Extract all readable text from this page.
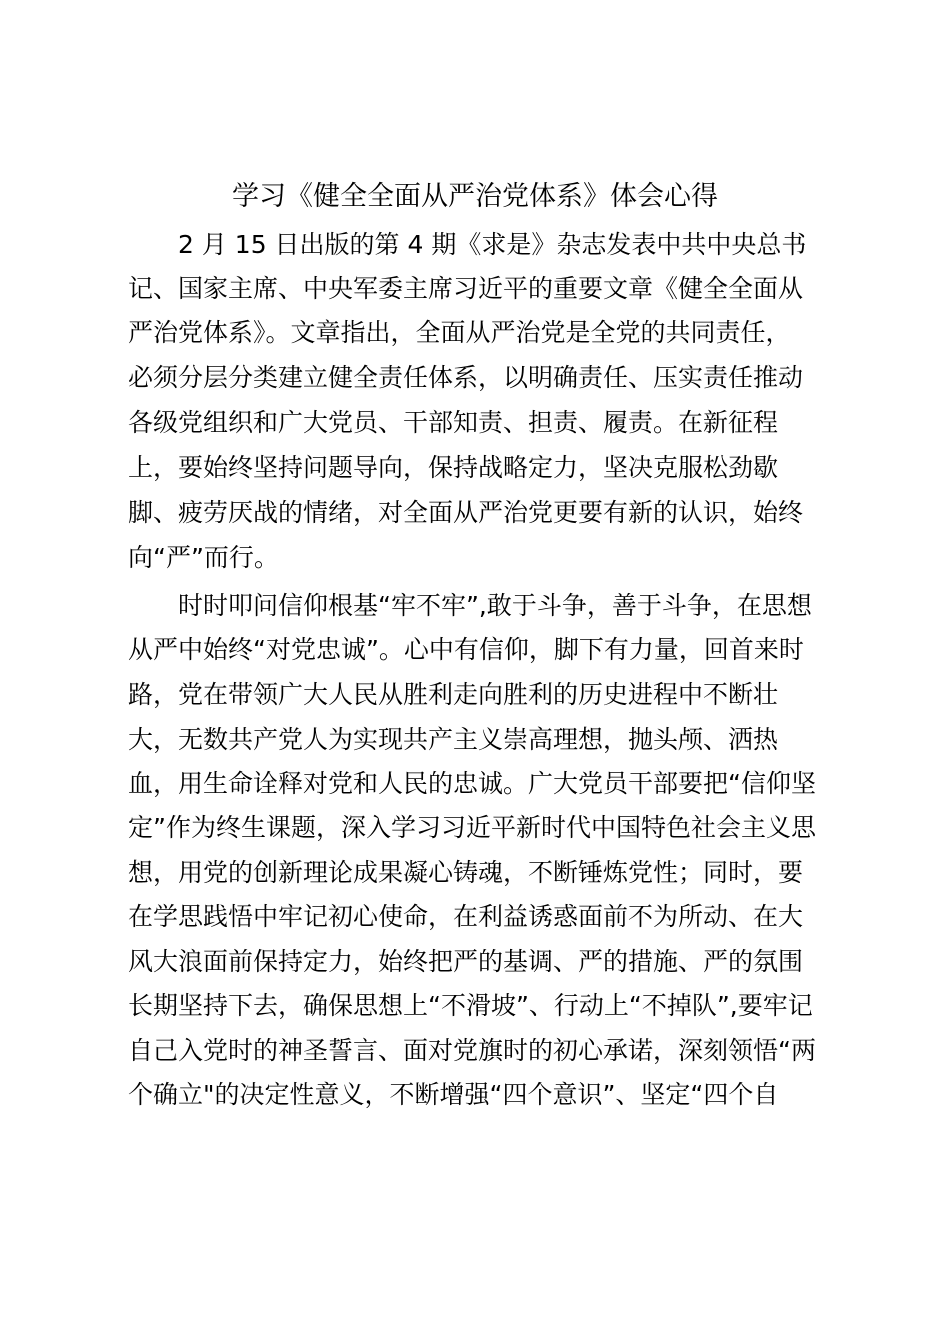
学习《健全全面从严治党体系》体会心得
2 月 15 日出版的第 4 期《求是》杂志发表中共中央总书
记、国家主席、中央军委主席习近平的重要文章《健全全面从
严治党体系》。文章指出，全面从严治党是全党的共同责任，
必须分层分类建立健全责任体系，以明确责任、压实责任推动
各级党组织和广大党员、干部知责、担责、履责。在新征程
上，要始终坚持问题导向，保持战略定力，坚决克服松劲歇
脚、疲劳厌战的情绪，对全面从严治党更要有新的认识，始终
向“严”而行。
时时叩问信仰根基“牢不牢”,敢于斗争，善于斗争，在思想
从严中始终“对党忠诚”。心中有信仰，脚下有力量，回首来时
路，党在带领广大人民从胜利走向胜利的历史进程中不断壮
大，无数共产党人为实现共产主义崇高理想，抛头颅、洒热
血，用生命诠释对党和人民的忠诚。广大党员干部要把“信仰坚
定”作为终生课题，深入学习习近平新时代中国特色社会主义思
想，用党的创新理论成果凝心铸魂，不断锤炼党性；同时，要
在学思践悟中牢记初心使命，在利益诱惑面前不为所动、在大
风大浪面前保持定力，始终把严的基调、严的措施、严的氛围
长期坚持下去，确保思想上“不滑坡”、行动上“不掉队”,要牢记
自己入党时的神圣誓言、面对党旗时的初心承诺，深刻领悟“两
个确立"的决定性意义，不断增强“四个意识”、坚定“四个自
